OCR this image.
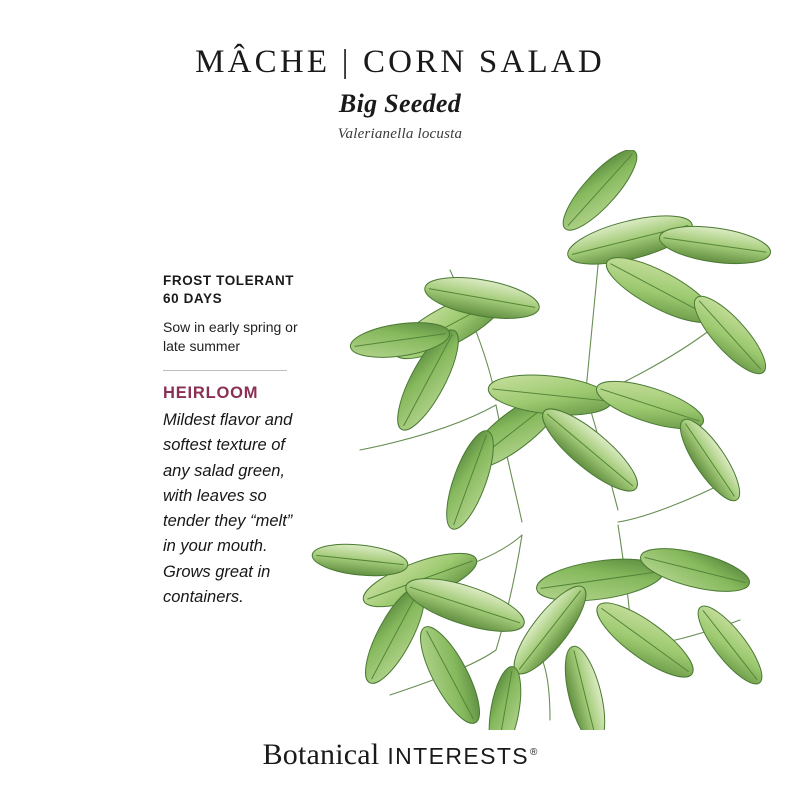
MÂCHE | CORN SALAD
Big Seeded
Valerianella locusta
FROST TOLERANT
60 DAYS
Sow in early spring or late summer
HEIRLOOM
Mildest flavor and softest texture of any salad green, with leaves so tender they “melt” in your mouth. Grows great in containers.
Botanical INTERESTS®
